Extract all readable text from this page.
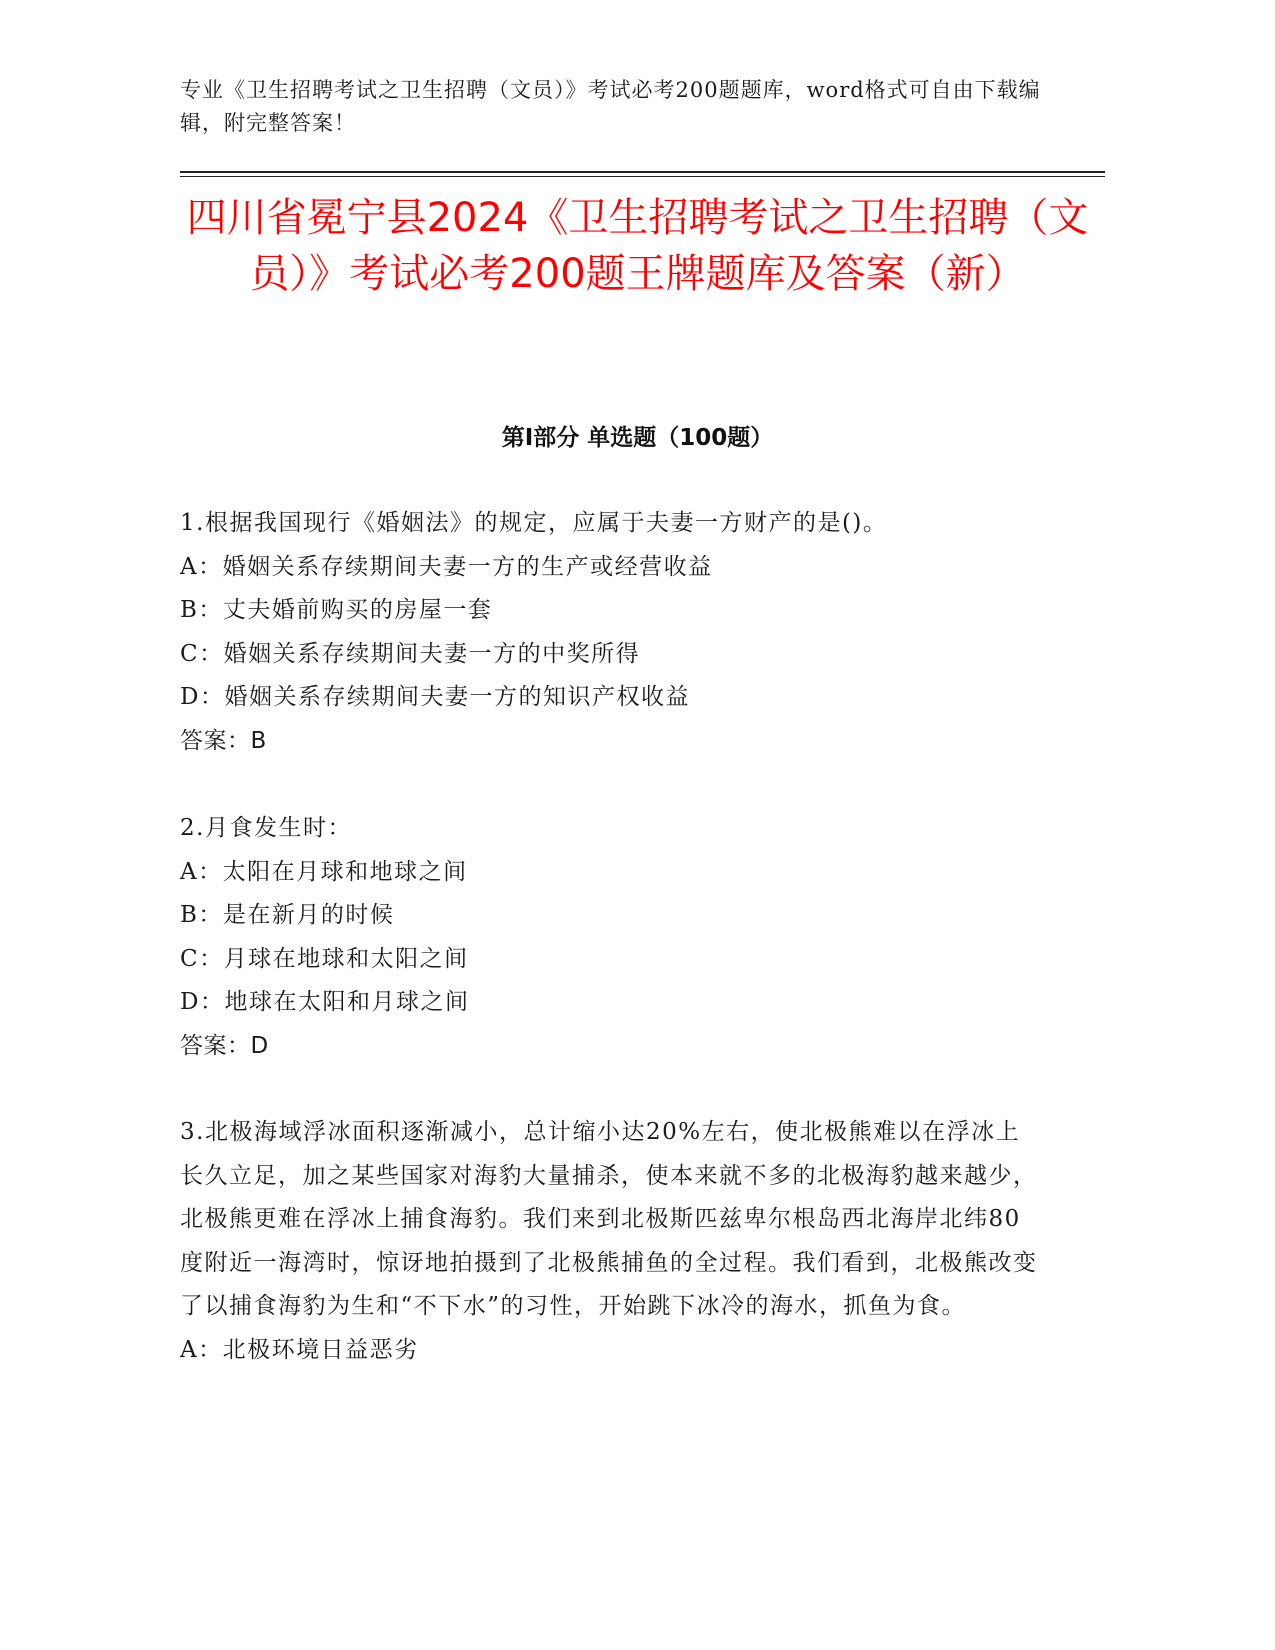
专业《卫生招聘考试之卫生招聘（文员）》考试必考200题题库，word格式可自由下载编辑，附完整答案！
四川省冕宁县2024《卫生招聘考试之卫生招聘（文员）》考试必考200题王牌题库及答案（新）
第Ⅰ部分 单选题（100题）

1.根据我国现行《婚姻法》的规定，应属于夫妻一方财产的是()。

A：婚姻关系存续期间夫妻一方的生产或经营收益

B：丈夫婚前购买的房屋一套

C：婚姻关系存续期间夫妻一方的中奖所得

D：婚姻关系存续期间夫妻一方的知识产权收益

答案：B

2.月食发生时：

A：太阳在月球和地球之间

B：是在新月的时候

C：月球在地球和太阳之间

D：地球在太阳和月球之间

答案：D

3.北极海域浮冰面积逐渐减小，总计缩小达20%左右，使北极熊难以在浮冰上长久立足，加之某些国家对海豹大量捕杀，使本来就不多的北极海豹越来越少，北极熊更难在浮冰上捕食海豹。我们来到北极斯匹兹卑尔根岛西北海岸北纬80度附近一海湾时，惊讶地拍摄到了北极熊捕鱼的全过程。我们看到，北极熊改变了以捕食海豹为生和“不下水”的习性，开始跳下冰冷的海水，抓鱼为食。

A：北极环境日益恶劣
